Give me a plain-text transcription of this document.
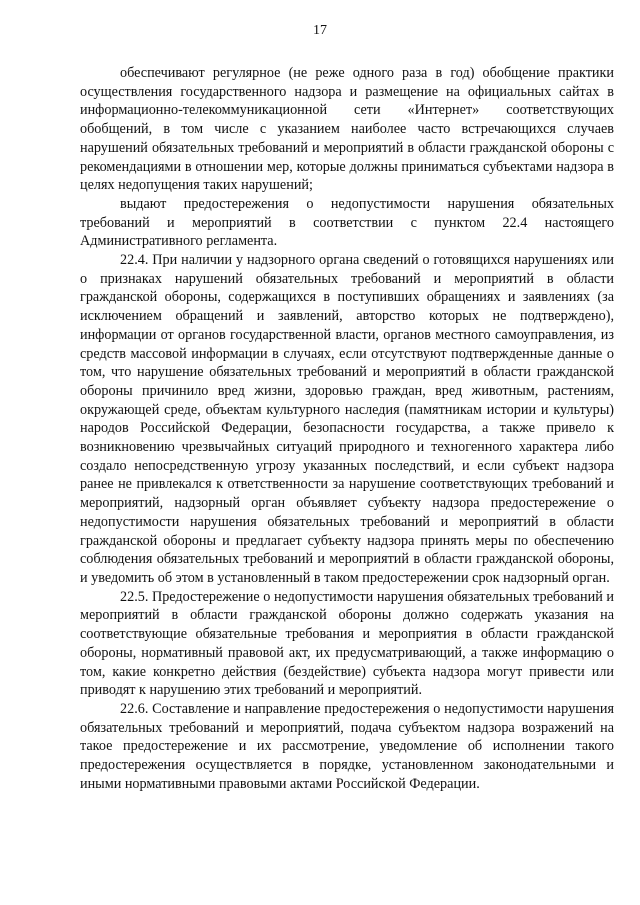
17

обеспечивают регулярное (не реже одного раза в год) обобщение практики осуществления государственного надзора и размещение на официальных сайтах в информационно-телекоммуникационной сети «Интернет» соответствующих обобщений, в том числе с указанием наиболее часто встречающихся случаев нарушений обязательных требований и мероприятий в области гражданской обороны с рекомендациями в отношении мер, которые должны приниматься субъектами надзора в целях недопущения таких нарушений;

выдают предостережения о недопустимости нарушения обязательных требований и мероприятий в соответствии с пунктом 22.4 настоящего Административного регламента.

22.4. При наличии у надзорного органа сведений о готовящихся нарушениях или о признаках нарушений обязательных требований и мероприятий в области гражданской обороны, содержащихся в поступивших обращениях и заявлениях (за исключением обращений и заявлений, авторство которых не подтверждено), информации от органов государственной власти, органов местного самоуправления, из средств массовой информации в случаях, если отсутствуют подтвержденные данные о том, что нарушение обязательных требований и мероприятий в области гражданской обороны причинило вред жизни, здоровью граждан, вред животным, растениям, окружающей среде, объектам культурного наследия (памятникам истории и культуры) народов Российской Федерации, безопасности государства, а также привело к возникновению чрезвычайных ситуаций природного и техногенного характера либо создало непосредственную угрозу указанных последствий, и если субъект надзора ранее не привлекался к ответственности за нарушение соответствующих требований и мероприятий, надзорный орган объявляет субъекту надзора предостережение о недопустимости нарушения обязательных требований и мероприятий в области гражданской обороны и предлагает субъекту надзора принять меры по обеспечению соблюдения обязательных требований и мероприятий в области гражданской обороны, и уведомить об этом в установленный в таком предостережении срок надзорный орган.

22.5. Предостережение о недопустимости нарушения обязательных требований и мероприятий в области гражданской обороны должно содержать указания на соответствующие обязательные требования и мероприятия в области гражданской обороны, нормативный правовой акт, их предусматривающий, а также информацию о том, какие конкретно действия (бездействие) субъекта надзора могут привести или приводят к нарушению этих требований и мероприятий.

22.6. Составление и направление предостережения о недопустимости нарушения обязательных требований и мероприятий, подача субъектом надзора возражений на такое предостережение и их рассмотрение, уведомление об исполнении такого предостережения осуществляется в порядке, установленном законодательными и иными нормативными правовыми актами Российской Федерации.
